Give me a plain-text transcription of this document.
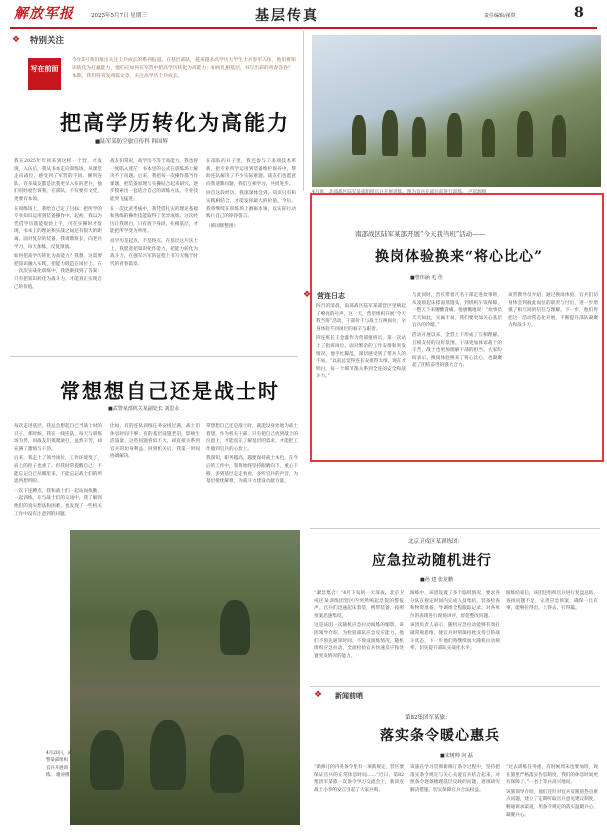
解放军报	2025年5月7日 星期三	基层传真	责任编辑/孫熒	8
❖ 特别关注
写在前面
今年5月我们推出关注士兵成长的系列报道。在基层部队，越来越多高学历大学生士兵参军入伍，他们将知识转化为打赢能力，他们应如何在军营中把高学历转化为高能力；如何扎根基层，书写出彩的青春答卷？本期，我们特刊发两篇文章，关注高学历士兵成长。
把高学历转化为高能力
■陆军某防空旅宣传科 韩国辉

我在2025年年初来到这样一个营，才发现，入伍后，我从书本走向训练场，从课堂走向战位，感受到了军营的不同。刚到连队，许多战友都是比我更早入伍的老兵，他们用经验告诉我，在部队，不仅要有文凭，更要有本领。

在训练场上，我给自己定了目标：把所学的专业知识运用到装备操作中。起初，我以为凭借学历就能很快上手，可在实操时才发现，书本上的理论和实战之间还有很大的距离。面对复杂的装备，我请教班长，向老兵学习，每天加练，反复推演。

如何把高学历转化为高能力？我想，这需要把知识融入实践，把能力锻造在岗位上。在一次次实战化训练中，我逐渐找到了答案：只有把知识转化为战斗力，才能真正实现自己的价值。

战友们常说，高学历不等于高能力。我也曾一度陷入迷茫：书本里的公式在训练场上解决不了问题。后来，我把每一次操作都当作课题，把装备原理与实操结合起来研究，逐步摸索出一套适合自己的训练方法，专业技能突飞猛进。

在一次比武考核中，我凭借扎实的理论基础和熟练的操作技能取得了优异成绩。这次经历让我明白，只有放下身段、扎根基层，才能把所学变为所用。

高学历是起点，不是终点。在基层这片沃土上，我愿意把知识化作能力，把能力转化为战斗力，在强军兴军的征程上书写无愧于时代的青春篇章。

在部队的日子里，我还参与了多项技术革新，把专业所学运用到装备维护保养中，帮助连队解决了不少实际难题。战友们也愿意向我请教问题，我们互相学习、共同进步。

回首这段经历，我深深体会到，知识只有和实践相结合，才能发挥最大的价值。今后，我将继续在训练场上磨砺本领，以实际行动践行自己的铮铮誓言。

（韩国辉整理）

4月底，北部战区陆军某部组织官兵开展训练。图为官兵在战位前进行训练。 卢起源摄
南部战区陆军某部开展“今天我当班”活动——
换岗体验换来“将心比心”
■曾伟涵 毛 佳
❖ 营连日志

四月的清晨，南部战区陆军某部营区里响起了嘹亮的号声。这一天，营里组织开展“今天我当班”活动，干部骨干与战士互换岗位，亲身体验不同岗位的艰辛与职责。

四连班长王金鑫作为营部值班员，第一次站上了指挥岗位。面对繁杂的工作安排和突发情况，他手忙脚乱，深切感受到了带兵人的不易。“以前总觉得连长安排得太细，现在才明白，每一个细节都关系到全连的安全和战斗力。”

与此同时，营长带着几名干部走进炊事班，从凌晨起床揉面蒸馒头，到组织午饭保障，一整天下来腰酸背痛。他感慨地说：“炊事员天天如此，实属不易，我们要更加关心基层官兵的冷暖。”

活动开展以来，全营上下形成了互相理解、互相支持的良好氛围。干部更加体谅战士的辛苦，战士也更加理解干部的担当。大家纷纷表示，换岗体验换来了将心比心，也凝聚起了团结奋进的强大合力。

该营教导员介绍，通过换岗体验，官兵们切身体会到彼此岗位的职责与付出，进一步增强了相互间的信任与理解。下一步，他们将把这一活动常态化开展，不断提升部队凝聚力和战斗力。

常想想自己还是战士时
■武警某部机关某副处长 刘思永

每次走进基层，我总会想起自己当战士时的日子。那时候，我在一线连队，每天与训练场为伴，同战友们摸爬滚打，虽然辛苦，却充满了激情与干劲。

后来，我走上了领导岗位，工作环境变了，肩上的担子也重了。但我时常提醒自己：不能忘记自己从哪里来，不能忘记战士们的所思所想所盼。

一次下连蹲点，我和战士们一起站岗执勤、一起训练。在与战士们的交谈中，我了解到他们的真实想法和困难，也发现了一些机关工作中没有注意到的问题。

比如，有的连队训练任务安排过满，战士们休息时间不够；有的基层设施老旧，影响生活质量。这些问题看似不大，却直接关系到官兵的切身利益。回到机关后，我第一时间协调解决。

常想想自己还是战士时，就能设身处地为战士着想。作为机关干部，只有把自己放到战士的位置上，才能真正了解基层的需求，才能把工作做到官兵的心坎上。

我深知，职务越高，越要保持战士本色。在今后的工作中，我将始终坚持眼睛向下、重心下移，多到基层走走看看，多听官兵的声音，为基层排忧解难，为战斗力建设贡献力量。

4月20日，武警某部组织官兵开展训练。 谢涛摄
北京卫戍区某训练团：
应急拉动随机进行
■孙 建 张龙鹏

“紧急集合！”4月下旬的一天深夜，北京卫戍区某训练团营区内突然响起急促的警报声。官兵们迅速起床着装，携带装备，按照预案迅速集结。

这是该团一次随机应急拉动演练的缩影。该团领导介绍，为检验部队应急反应能力，他们不预先通知时间、不预设演练情况，随机组织应急拉动，全面检验官兵快速反应和处置突发情况的能力。

演练中，该团设置了多个临机情况，要求各分队在规定时间内完成人员集结、装备检查和物资准备。导调组全程跟踪记录，对各单位的表现进行现场讲评，督促整改问题。

该团负责人表示，随机应急拉动能够有效打破常规思维，使官兵时刻保持枕戈待旦的战斗状态，下一步他们将继续加大随机拉动频率，切实提升部队实战化水平。

演练结束后，该团还组织官兵进行复盘总结，查找问题不足，完善应急预案，确保一旦有事，能够拉得出、上得去、打得赢。

❖ 新闻前哨
第82集团军某旅：
落实条令暖心惠兵
■宋树帅 向 磊

“新修订的内务条令里有一项新规定，营区要保证官兵的正常休息时间……”近日，第82集团军某旅一次条令学习交流会上，新训连战士小李的发言引起了大家共鸣。

该旅在学习贯彻新修订条令过程中，坚持把落实条令规定与关心关爱官兵结合起来，对照条令逐条梳理基层反映的问题，逐项研究解决措施，切实保障官兵合法权益。

“过去训练任务重，有时候周末也要加班，现在旅里严格落实作息制度，我们的休息时间更有保障了。”一名上等兵高兴地说。

该旅领导介绍，他们还针对官兵反映的热点难点问题，建立了定期听取官兵意见建议制度，畅通诉求渠道，用条令规定的落实温暖兵心、凝聚兵心。
